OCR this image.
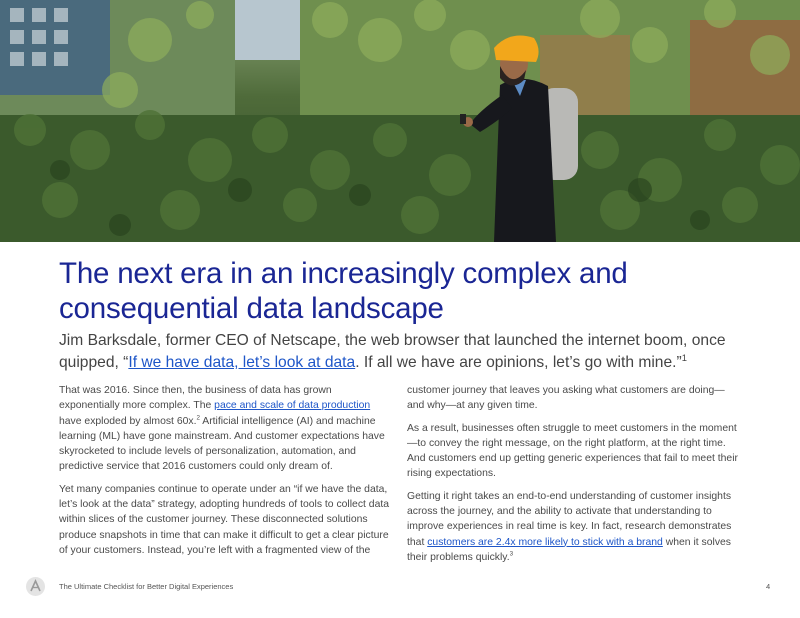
The next era in an increasingly complex and consequential data landscape

Jim Barksdale, former CEO of Netscape, the web browser that launched the internet boom, once quipped, “If we have data, let’s look at data. If all we have are opinions, let’s go with mine.”$^1$

That was 2016. Since then, the business of data has grown exponentially more complex. The pace and scale of data production have exploded by almost 60x.$^2$ Artificial intelligence (AI) and machine learning (ML) have gone mainstream. And customer expectations have skyrocketed to include levels of personalization, automation, and predictive service that 2016 customers could only dream of.

Yet many companies continue to operate under an “if we have the data, let’s look at the data” strategy, adopting hundreds of tools to collect data within slices of the customer journey. These disconnected solutions produce snapshots in time that can make it difficult to get a clear picture of your customers. Instead, you’re left with a fragmented view of the

customer journey that leaves you asking what customers are doing—and why—at any given time.

As a result, businesses often struggle to meet customers in the moment—to convey the right message, on the right platform, at the right time. And customers end up getting generic experiences that fail to meet their rising expectations.

Getting it right takes an end-to-end understanding of customer insights across the journey, and the ability to activate that understanding to improve experiences in real time is key. In fact, research demonstrates that customers are 2.4x more likely to stick with a brand when it solves their problems quickly.$^3$

The Ultimate Checklist for Better Digital Experiences	4
